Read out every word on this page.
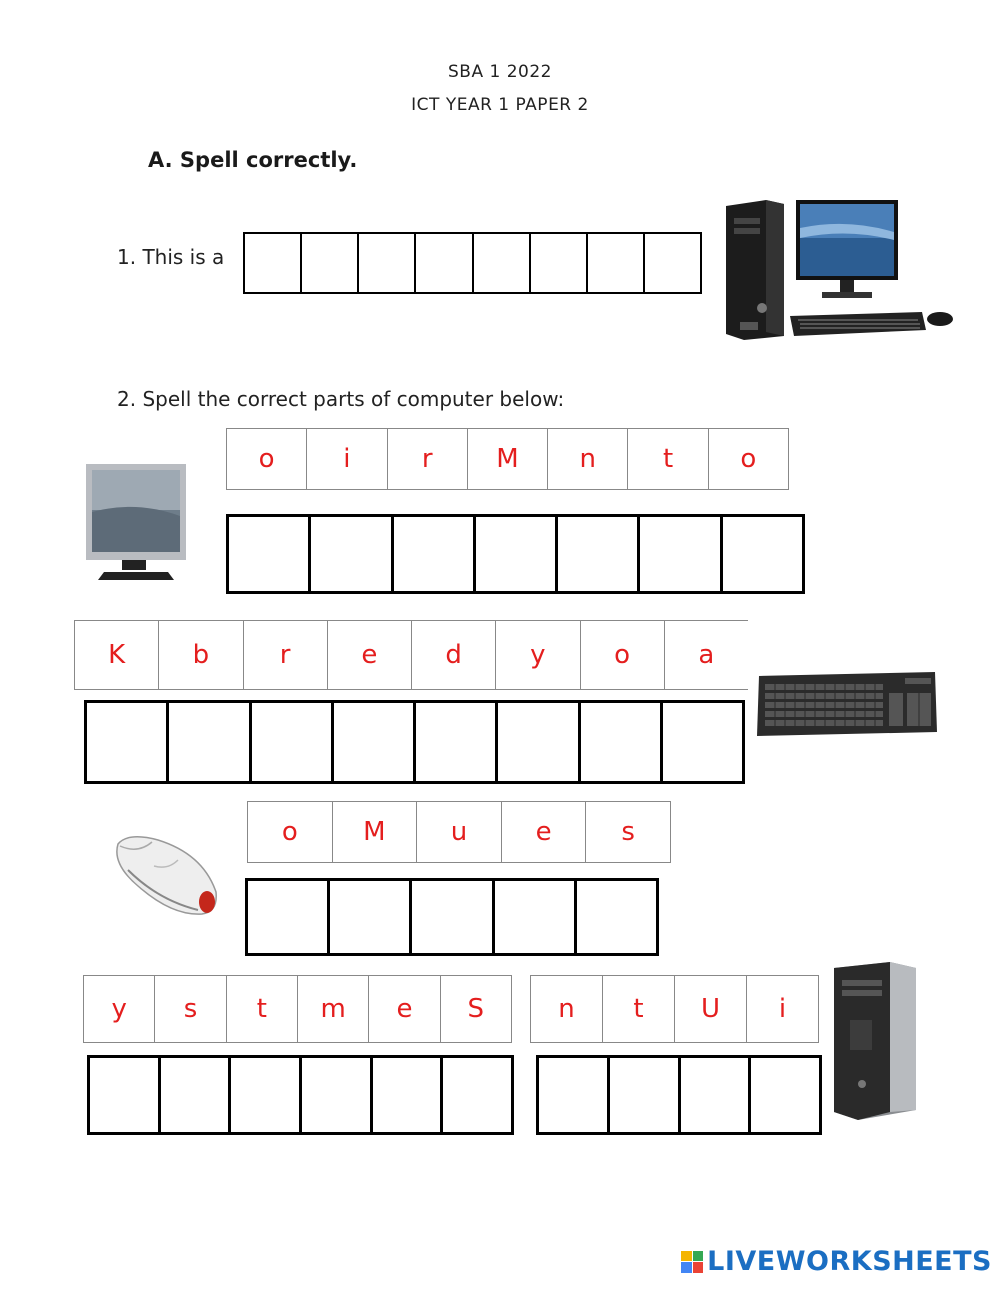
SBA 1 2022
ICT YEAR 1 PAPER 2
A. Spell correctly.
1. This is a
2. Spell the correct parts of computer below:
o	i	r	M	n	t	o
K	b	r	e	d	y	o	a
o	M	u	e	s
y	s	t	m	e	S	n	t	U	i
LIVEWORKSHEETS
